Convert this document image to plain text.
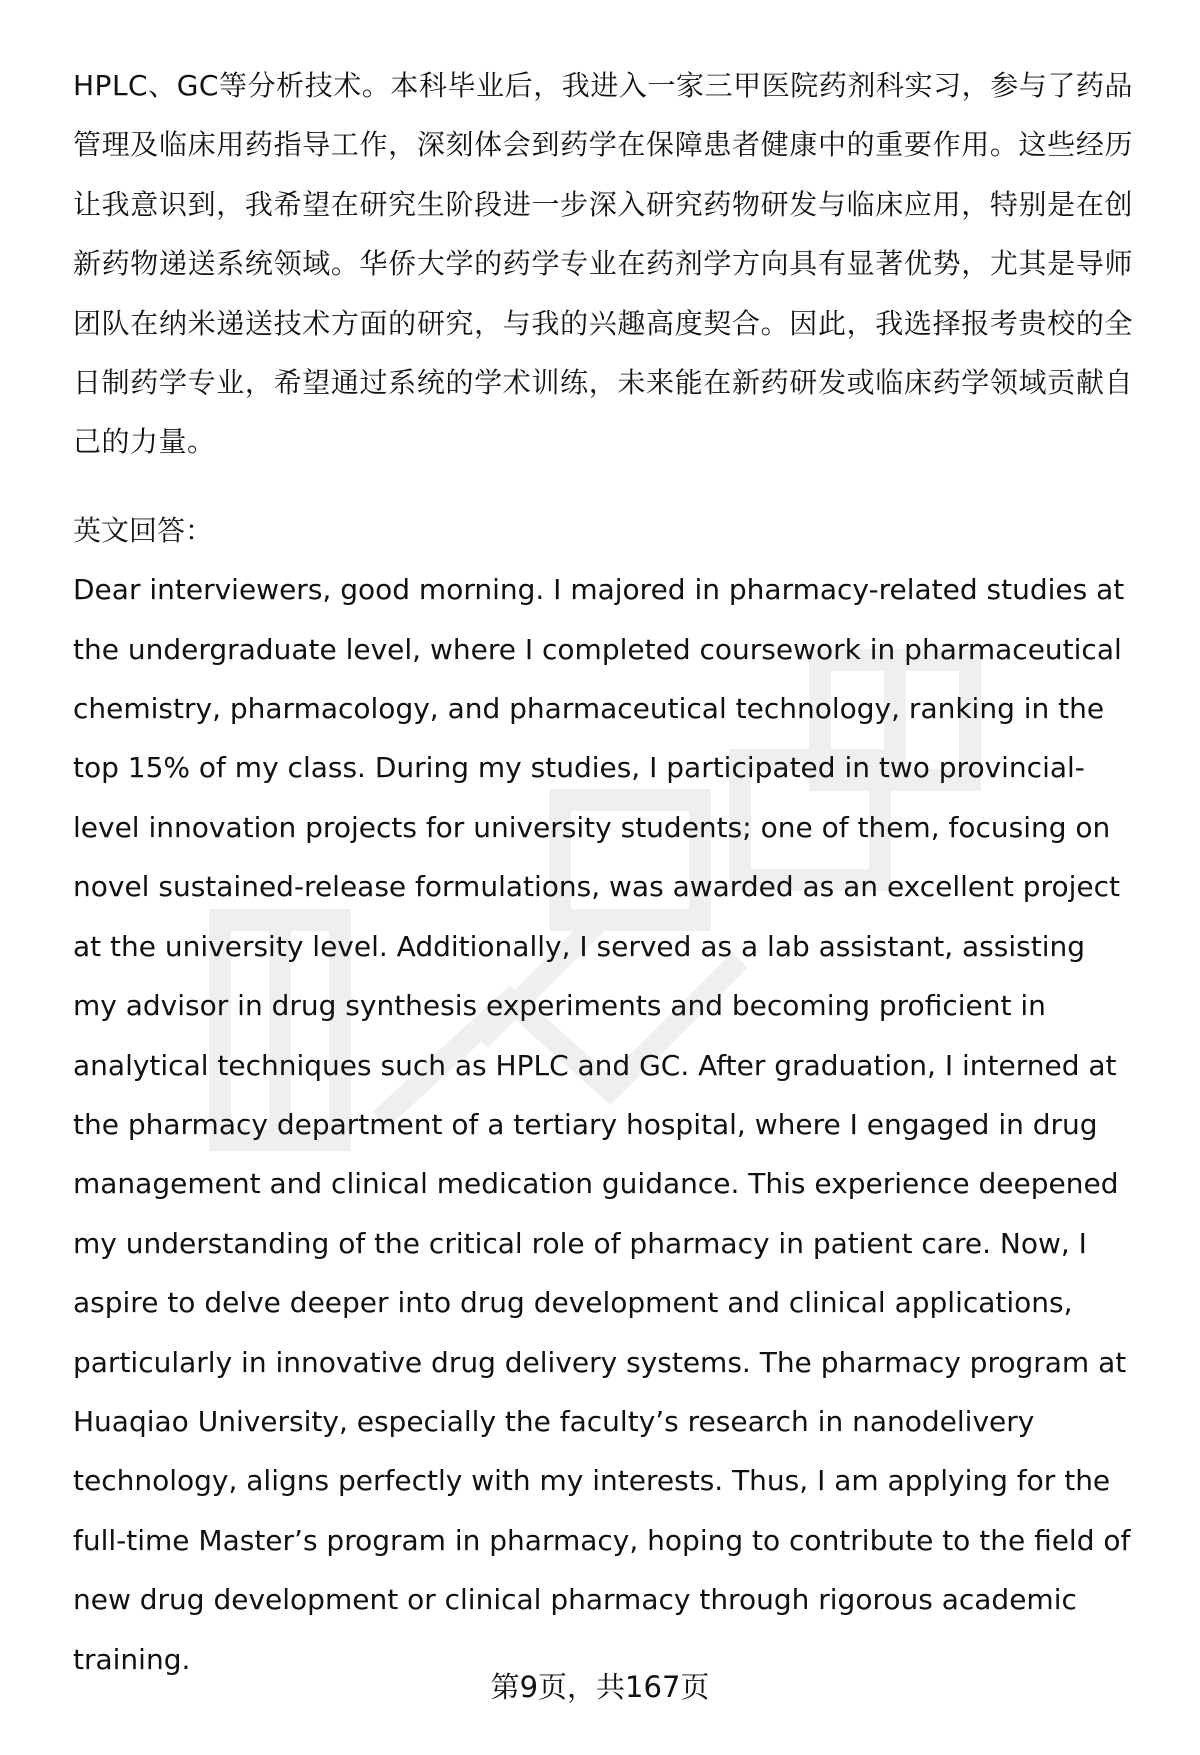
HPLC、GC等分析技术。本科毕业后，我进入一家三甲医院药剂科实习，参与了药品管理及临床用药指导工作，深刻体会到药学在保障患者健康中的重要作用。这些经历让我意识到，我希望在研究生阶段进一步深入研究药物研发与临床应用，特别是在创新药物递送系统领域。华侨大学的药学专业在药剂学方向具有显著优势，尤其是导师团队在纳米递送技术方面的研究，与我的兴趣高度契合。因此，我选择报考贵校的全日制药学专业，希望通过系统的学术训练，未来能在新药研发或临床药学领域贡献自己的力量。

英文回答：

Dear interviewers, good morning. I majored in pharmacy-related studies at the undergraduate level, where I completed coursework in pharmaceutical chemistry, pharmacology, and pharmaceutical technology, ranking in the top 15% of my class. During my studies, I participated in two provincial-level innovation projects for university students; one of them, focusing on novel sustained-release formulations, was awarded as an excellent project at the university level. Additionally, I served as a lab assistant, assisting my advisor in drug synthesis experiments and becoming proficient in analytical techniques such as HPLC and GC. After graduation, I interned at the pharmacy department of a tertiary hospital, where I engaged in drug management and clinical medication guidance. This experience deepened my understanding of the critical role of pharmacy in patient care. Now, I aspire to delve deeper into drug development and clinical applications, particularly in innovative drug delivery systems. The pharmacy program at Huaqiao University, especially the faculty’s research in nanodelivery technology, aligns perfectly with my interests. Thus, I am applying for the full-time Master’s program in pharmacy, hoping to contribute to the field of new drug development or clinical pharmacy through rigorous academic training.

第9页，共167页
